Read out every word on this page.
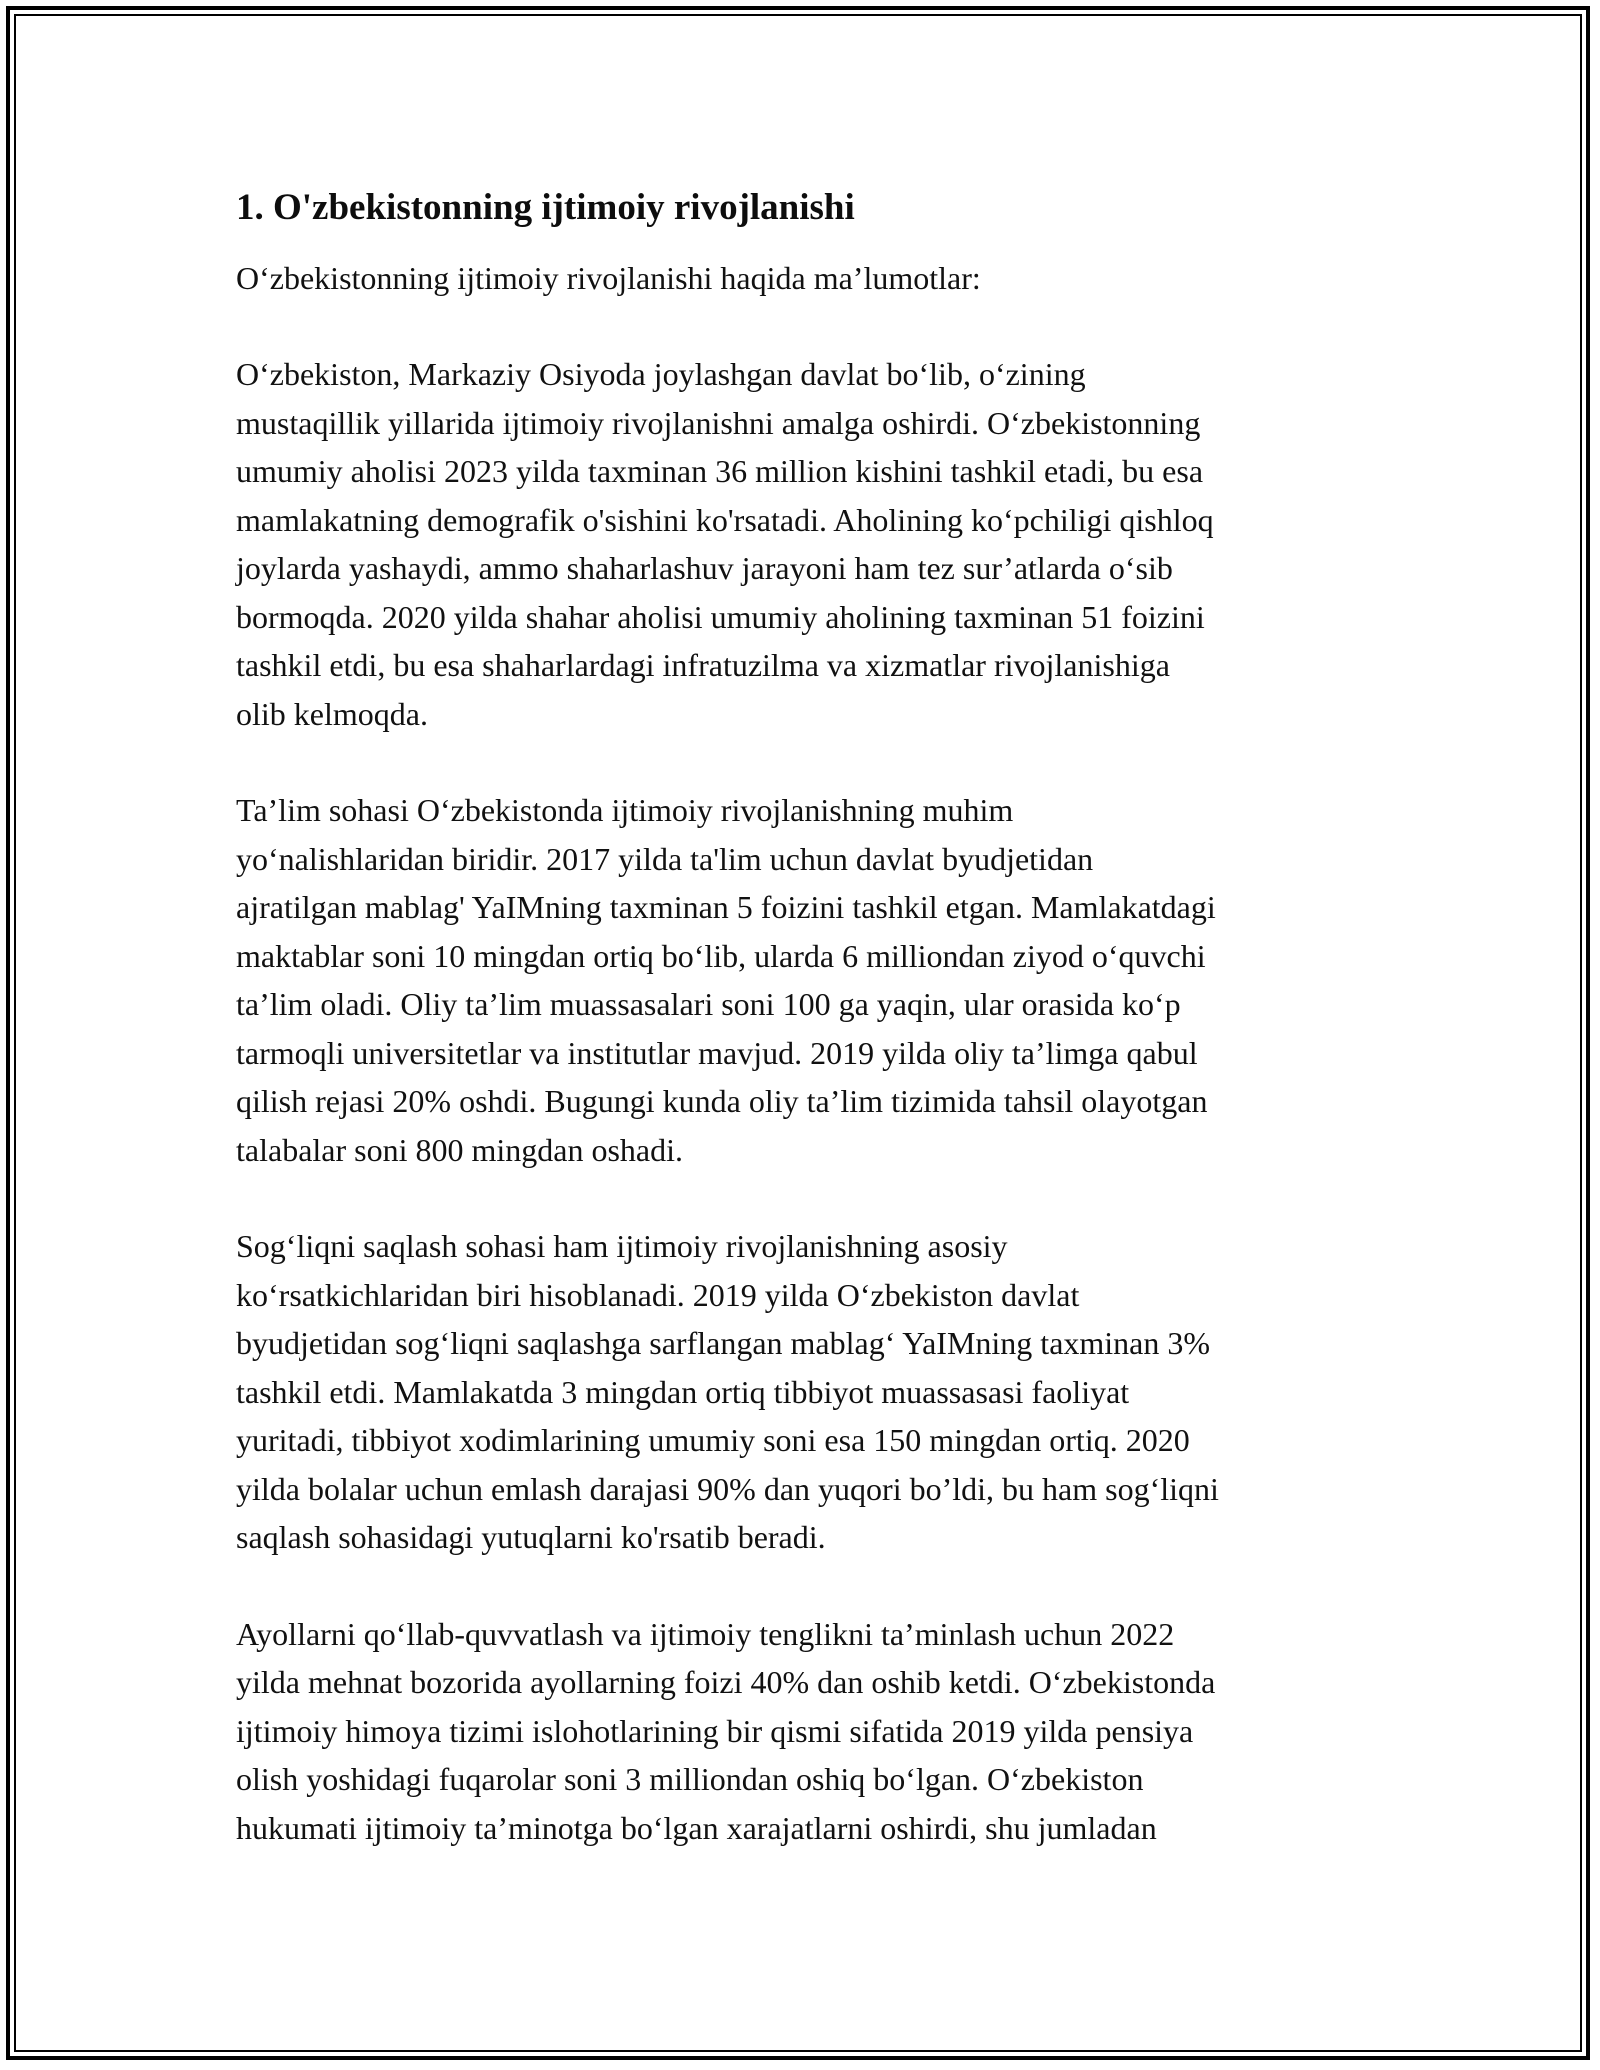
1. O'zbekistonning ijtimoiy rivojlanishi

O‘zbekistonning ijtimoiy rivojlanishi haqida ma’lumotlar:

O‘zbekiston, Markaziy Osiyoda joylashgan davlat bo‘lib, o‘zining
mustaqillik yillarida ijtimoiy rivojlanishni amalga oshirdi. O‘zbekistonning
umumiy aholisi 2023 yilda taxminan 36 million kishini tashkil etadi, bu esa
mamlakatning demografik o'sishini ko'rsatadi. Aholining ko‘pchiligi qishloq
joylarda yashaydi, ammo shaharlashuv jarayoni ham tez sur’atlarda o‘sib
bormoqda. 2020 yilda shahar aholisi umumiy aholining taxminan 51 foizini
tashkil etdi, bu esa shaharlardagi infratuzilma va xizmatlar rivojlanishiga
olib kelmoqda.

Ta’lim sohasi O‘zbekistonda ijtimoiy rivojlanishning muhim
yo‘nalishlaridan biridir. 2017 yilda ta'lim uchun davlat byudjetidan
ajratilgan mablag' YaIMning taxminan 5 foizini tashkil etgan. Mamlakatdagi
maktablar soni 10 mingdan ortiq bo‘lib, ularda 6 milliondan ziyod o‘quvchi
ta’lim oladi. Oliy ta’lim muassasalari soni 100 ga yaqin, ular orasida ko‘p
tarmoqli universitetlar va institutlar mavjud. 2019 yilda oliy ta’limga qabul
qilish rejasi 20% oshdi. Bugungi kunda oliy ta’lim tizimida tahsil olayotgan
talabalar soni 800 mingdan oshadi.

Sog‘liqni saqlash sohasi ham ijtimoiy rivojlanishning asosiy
ko‘rsatkichlaridan biri hisoblanadi. 2019 yilda O‘zbekiston davlat
byudjetidan sog‘liqni saqlashga sarflangan mablag‘ YaIMning taxminan 3%
tashkil etdi. Mamlakatda 3 mingdan ortiq tibbiyot muassasasi faoliyat
yuritadi, tibbiyot xodimlarining umumiy soni esa 150 mingdan ortiq. 2020
yilda bolalar uchun emlash darajasi 90% dan yuqori bo’ldi, bu ham sog‘liqni
saqlash sohasidagi yutuqlarni ko'rsatib beradi.

Ayollarni qo‘llab-quvvatlash va ijtimoiy tenglikni ta’minlash uchun 2022
yilda mehnat bozorida ayollarning foizi 40% dan oshib ketdi. O‘zbekistonda
ijtimoiy himoya tizimi islohotlarining bir qismi sifatida 2019 yilda pensiya
olish yoshidagi fuqarolar soni 3 milliondan oshiq bo‘lgan. O‘zbekiston
hukumati ijtimoiy ta’minotga bo‘lgan xarajatlarni oshirdi, shu jumladan
